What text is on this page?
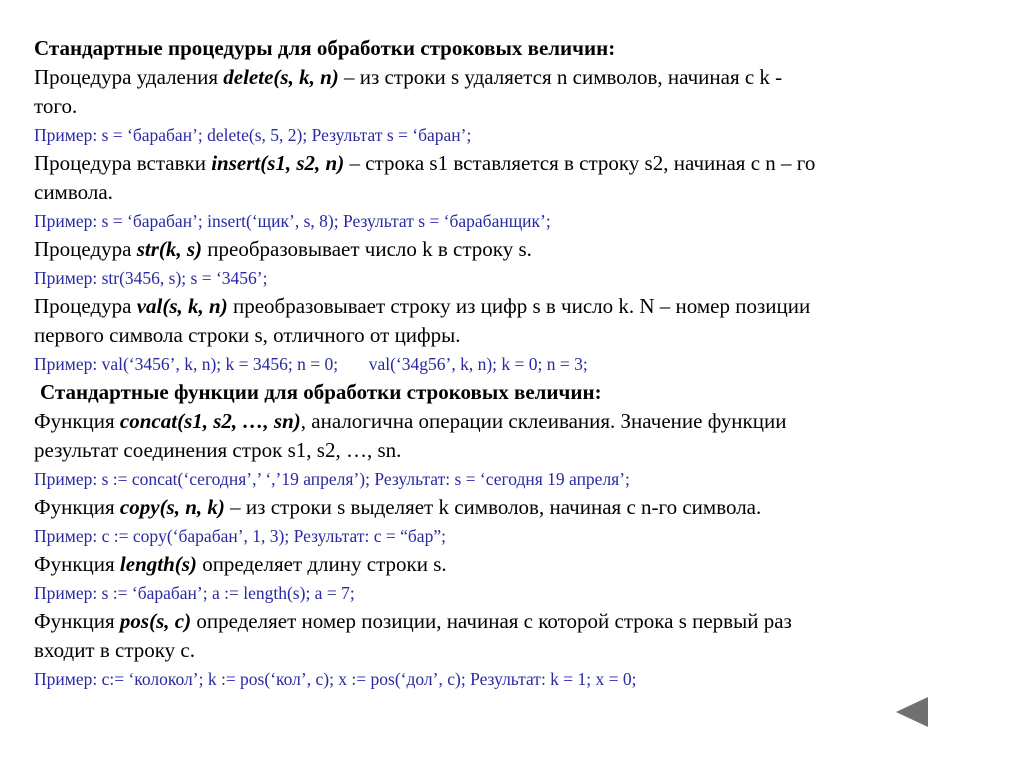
Стандартные процедуры для обработки строковых величин:
Процедура удаления delete(s, k, n) – из строки s удаляется n символов, начиная с k -
того.
Пример: s = ‘барабан’; delete(s, 5, 2); Результат s = ‘баран’;
Процедура вставки insert(s1, s2, n) – строка s1 вставляется в строку s2, начиная с n – го
символа.
Пример: s = ‘барабан’; insert(‘щик’, s, 8); Результат s = ‘барабанщик’;
Процедура str(k, s) преобразовывает число k в строку s.
Пример: str(3456, s); s = ‘3456’;
Процедура val(s, k, n) преобразовывает строку из цифр s в число k. N – номер позиции
первого символа строки s, отличного от цифры.
Пример: val(‘3456’, k, n); k = 3456; n = 0;       val(‘34g56’, k, n); k = 0; n = 3;
Стандартные функции для обработки строковых величин:
Функция concat(s1, s2, …, sn), аналогична операции склеивания. Значение функции
результат соединения строк s1, s2, …, sn.
Пример: s := concat(‘сегодня’,’ ‘,’19 апреля’); Результат: s = ‘сегодня 19 апреля’;
Функция copy(s, n, k) – из строки s выделяет k символов, начиная с n-го символа.
Пример: c := copy(‘барабан’, 1, 3); Результат: c = “бар”;
Функция length(s) определяет длину строки s.
Пример: s := ‘барабан’; a := length(s); a = 7;
Функция pos(s, c) определяет номер позиции, начиная с которой строка s первый раз
входит в строку c.
Пример: c:= ‘колокол’; k := pos(‘кол’, c); x := pos(‘дол’, c); Результат: k = 1; x = 0;
